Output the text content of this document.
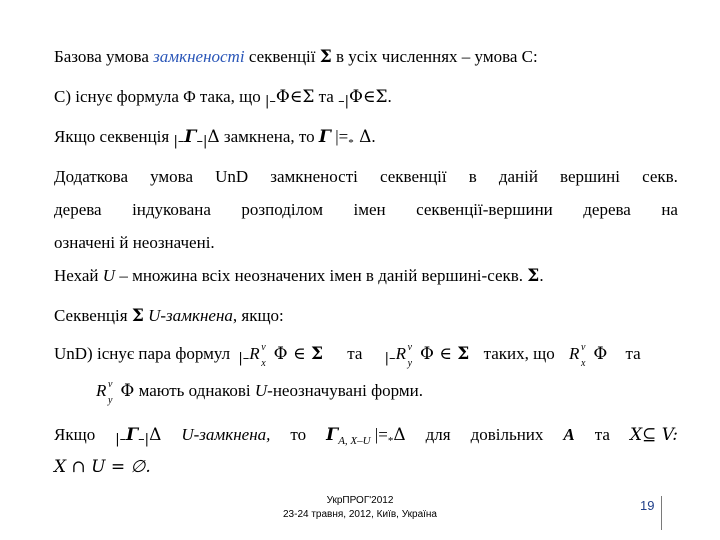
Базова умова замкненості секвенції Σ в усіх численнях – умова С:
С) існує формула Φ така, що |–Φ∈Σ та –|Φ∈Σ.
Якщо секвенція |–Γ–|Δ замкнена, то Γ $|=_*$ Δ.
Додаткова умова UnD замкненості секвенції в даній вершині секв.
дерева індукована розподілом імен секвенції-вершини дерева на
означені й неозначені.
Нехай U – множина всіх неозначених імен в даній вершині-секв. Σ.
Секвенція Σ U-замкнена, якщо:
UnD) існує пара формул |–R v
x Φ ∈ Σ та |–R v
y Φ ∈ Σ таких, що R v
x Φ та
R v
y Φ мають однакові U-неозначувані форми.
Якщо |–Γ–|Δ U-замкнена, то $\Gamma_{A, X-U}$ $|=_*\Delta$ для довільних A та X⊆ V:
X ∩ U = ∅.
УкрПРОГ'2012
23-24 травня, 2012, Київ, Україна
19
